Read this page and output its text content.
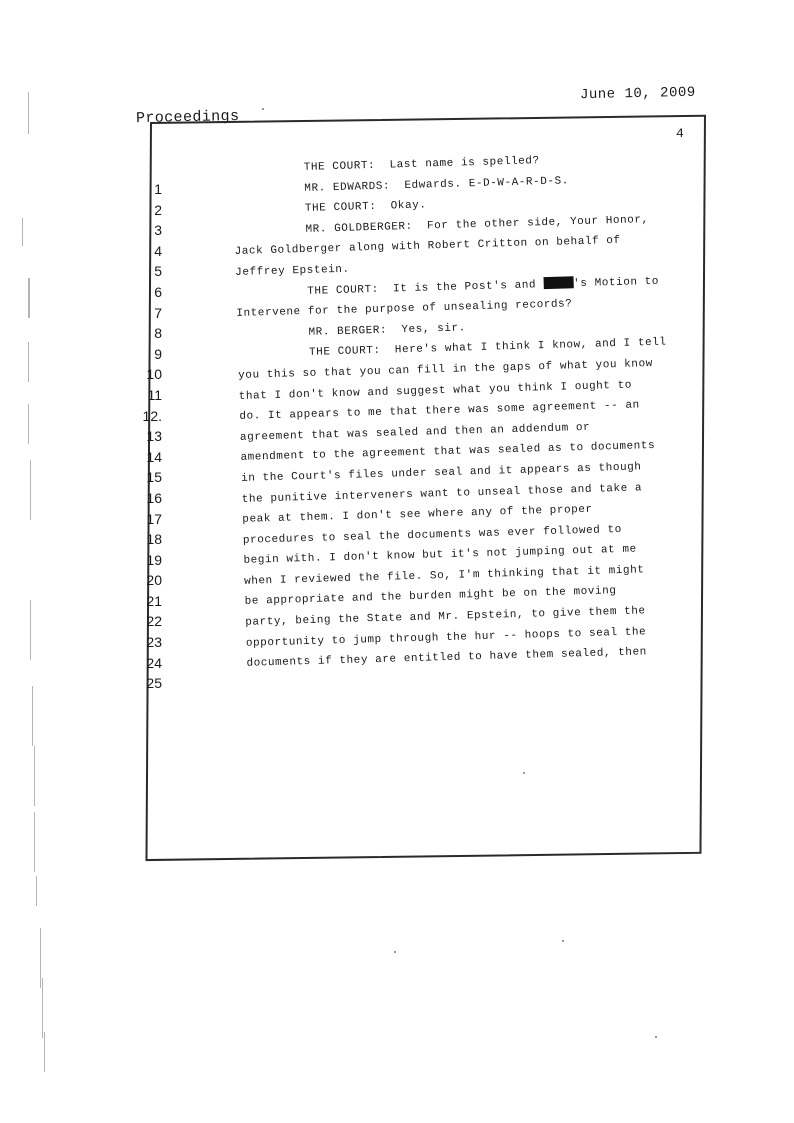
June 10, 2009
Proceedings
4
1
2
3
4
5
6
7
8
9
10
11
12.
13
14
15
16
17
18
19
20
21
22
23
24
25
THE COURT:  Last name is spelled?
MR. EDWARDS:  Edwards. E-D-W-A-R-D-S.
THE COURT:  Okay.
MR. GOLDBERGER:  For the other side, Your Honor,
Jack Goldberger along with Robert Critton on behalf of
Jeffrey Epstein.
THE COURT:  It is the Post's and	's Motion to
Intervene for the purpose of unsealing records?
MR. BERGER:  Yes, sir.
THE COURT:  Here's what I think I know, and I tell
you this so that you can fill in the gaps of what you know
that I don't know and suggest what you think I ought to
do. It appears to me that there was some agreement -- an
agreement that was sealed and then an addendum or
amendment to the agreement that was sealed as to documents
in the Court's files under seal and it appears as though
the punitive interveners want to unseal those and take a
peak at them. I don't see where any of the proper
procedures to seal the documents was ever followed to
begin with. I don't know but it's not jumping out at me
when I reviewed the file. So, I'm thinking that it might
be appropriate and the burden might be on the moving
party, being the State and Mr. Epstein, to give them the
opportunity to jump through the hur -- hoops to seal the
documents if they are entitled to have them sealed, then
